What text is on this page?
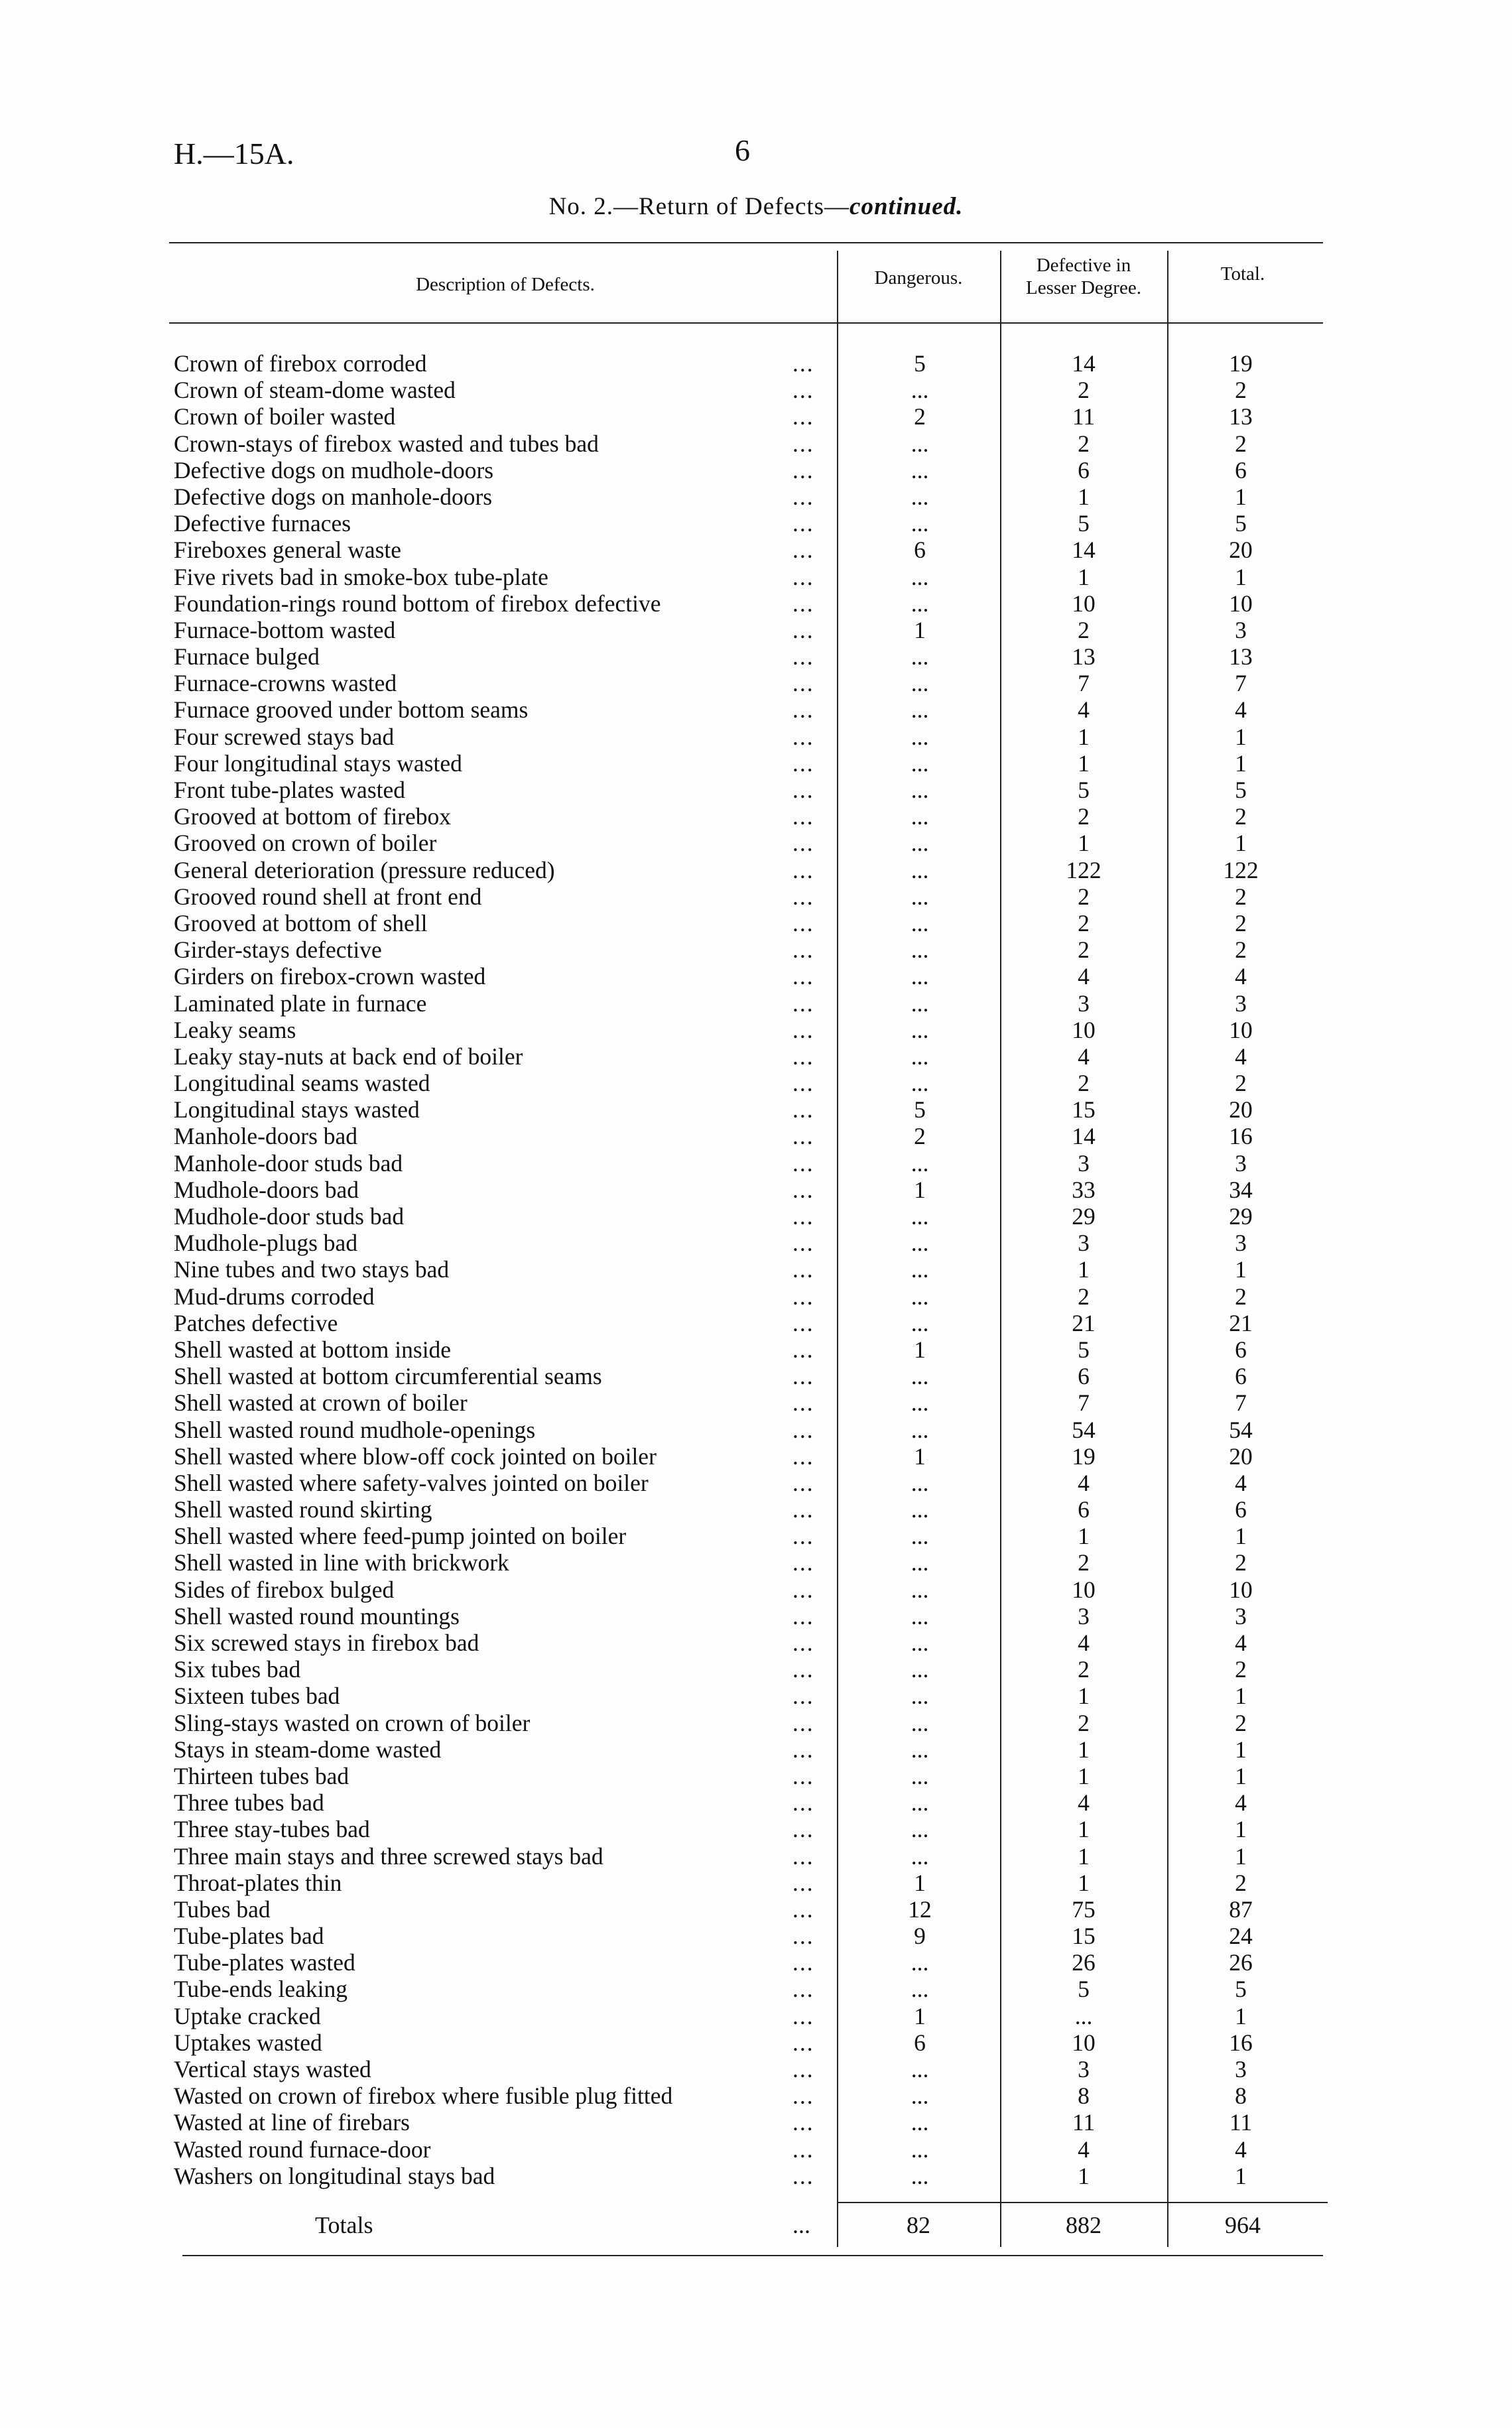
H.—15A.	6
No. 2.—Return of Defects—continued.
Description of Defects.	Dangerous.
Defective in
Lesser Degree.
Total.
Crown of firebox corroded	...	5	14	19
Crown of steam-dome wasted	...	...	2	2
Crown of boiler wasted	...	2	11	13
Crown-stays of firebox wasted and tubes bad	...	...	2	2
Defective dogs on mudhole-doors	...	...	6	6
Defective dogs on manhole-doors	...	...	1	1
Defective furnaces	...	...	5	5
Fireboxes general waste	...	6	14	20
Five rivets bad in smoke-box tube-plate	...	...	1	1
Foundation-rings round bottom of firebox defective	...	...	10	10
Furnace-bottom wasted	...	1	2	3
Furnace bulged	...	...	13	13
Furnace-crowns wasted	...	...	7	7
Furnace grooved under bottom seams	...	...	4	4
Four screwed stays bad	...	...	1	1
Four longitudinal stays wasted	...	...	1	1
Front tube-plates wasted	...	...	5	5
Grooved at bottom of firebox	...	...	2	2
Grooved on crown of boiler	...	...	1	1
General deterioration (pressure reduced)	...	...	122	122
Grooved round shell at front end	...	...	2	2
Grooved at bottom of shell	...	...	2	2
Girder-stays defective	...	...	2	2
Girders on firebox-crown wasted	...	...	4	4
Laminated plate in furnace	...	...	3	3
Leaky seams	...	...	10	10
Leaky stay-nuts at back end of boiler	...	...	4	4
Longitudinal seams wasted	...	...	2	2
Longitudinal stays wasted	...	5	15	20
Manhole-doors bad	...	2	14	16
Manhole-door studs bad	...	...	3	3
Mudhole-doors bad	...	1	33	34
Mudhole-door studs bad	...	...	29	29
Mudhole-plugs bad	...	...	3	3
Nine tubes and two stays bad	...	...	1	1
Mud-drums corroded	...	...	2	2
Patches defective	...	...	21	21
Shell wasted at bottom inside	...	1	5	6
Shell wasted at bottom circumferential seams	...	...	6	6
Shell wasted at crown of boiler	...	...	7	7
Shell wasted round mudhole-openings	...	...	54	54
Shell wasted where blow-off cock jointed on boiler	...	1	19	20
Shell wasted where safety-valves jointed on boiler	...	...	4	4
Shell wasted round skirting	...	...	6	6
Shell wasted where feed-pump jointed on boiler	...	...	1	1
Shell wasted in line with brickwork	...	...	2	2
Sides of firebox bulged	...	...	10	10
Shell wasted round mountings	...	...	3	3
Six screwed stays in firebox bad	...	...	4	4
Six tubes bad	...	...	2	2
Sixteen tubes bad	...	...	1	1
Sling-stays wasted on crown of boiler	...	...	2	2
Stays in steam-dome wasted	...	...	1	1
Thirteen tubes bad	...	...	1	1
Three tubes bad	...	...	4	4
Three stay-tubes bad	...	...	1	1
Three main stays and three screwed stays bad	...	...	1	1
Throat-plates thin	...	1	1	2
Tubes bad	...	12	75	87
Tube-plates bad	...	9	15	24
Tube-plates wasted	...	...	26	26
Tube-ends leaking	...	...	5	5
Uptake cracked	...	1	...	1
Uptakes wasted	...	6	10	16
Vertical stays wasted	...	...	3	3
Wasted on crown of firebox where fusible plug fitted	...	...	8	8
Wasted at line of firebars	...	...	11	11
Wasted round furnace-door	...	...	4	4
Washers on longitudinal stays bad	...	...	1	1
Totals	...	82	882	964
